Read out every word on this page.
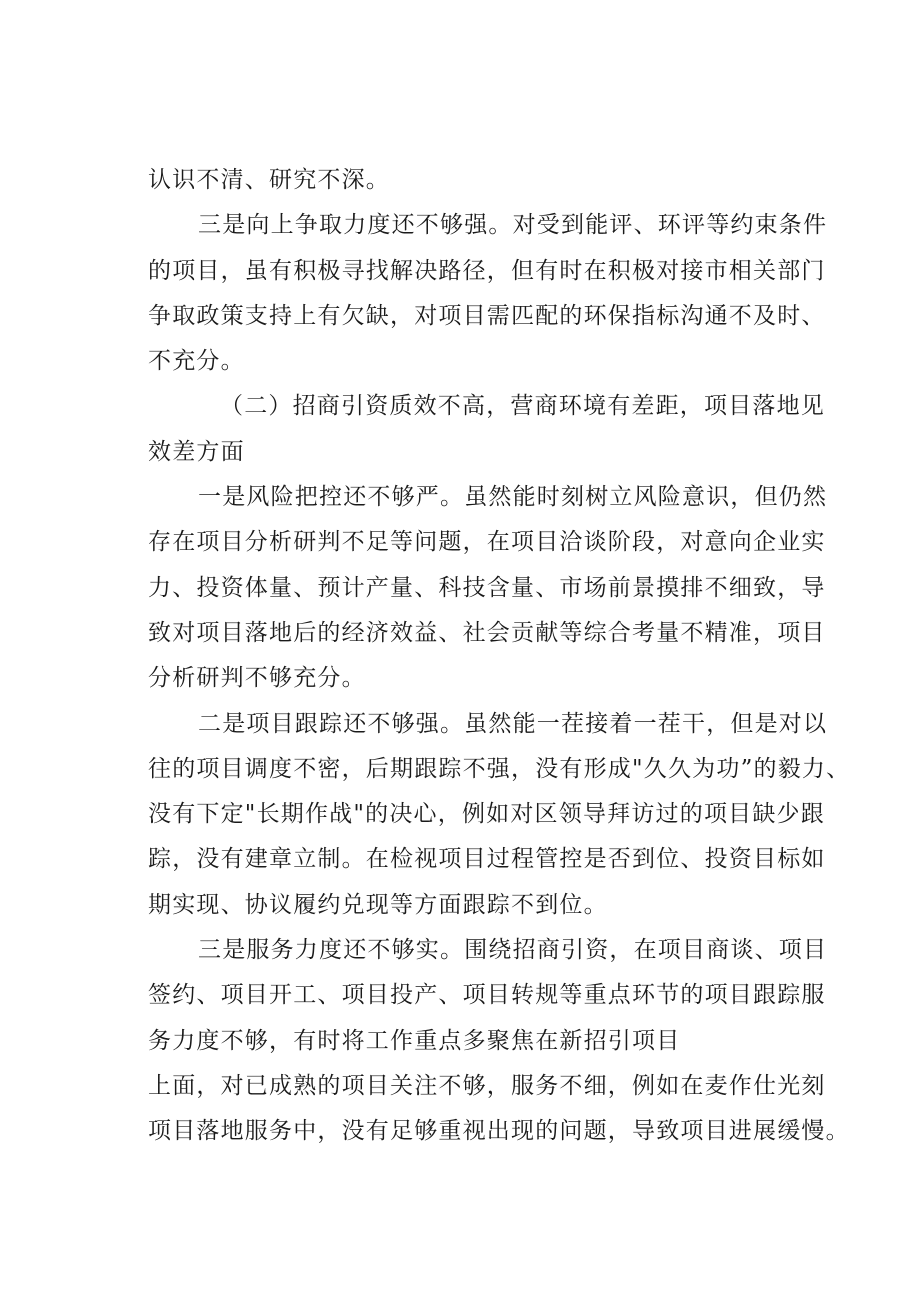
认识不清、研究不深。
三是向上争取力度还不够强。对受到能评、环评等约束条件
的项目，虽有积极寻找解决路径，但有时在积极对接市相关部门
争取政策支持上有欠缺，对项目需匹配的环保指标沟通不及时、
不充分。
（二）招商引资质效不高，营商环境有差距，项目落地见
效差方面
一是风险把控还不够严。虽然能时刻树立风险意识，但仍然
存在项目分析研判不足等问题，在项目洽谈阶段，对意向企业实
力、投资体量、预计产量、科技含量、市场前景摸排不细致，导
致对项目落地后的经济效益、社会贡献等综合考量不精准，项目
分析研判不够充分。
二是项目跟踪还不够强。虽然能一茬接着一茬干，但是对以
往的项目调度不密，后期跟踪不强，没有形成"久久为功”的毅力、
没有下定"长期作战"的决心，例如对区领导拜访过的项目缺少跟
踪，没有建章立制。在检视项目过程管控是否到位、投资目标如
期实现、协议履约兑现等方面跟踪不到位。
三是服务力度还不够实。围绕招商引资，在项目商谈、项目
签约、项目开工、项目投产、项目转规等重点环节的项目跟踪服
务力度不够，有时将工作重点多聚焦在新招引项目
上面，对已成熟的项目关注不够，服务不细，例如在麦作仕光刻
项目落地服务中，没有足够重视出现的问题，导致项目进展缓慢。
